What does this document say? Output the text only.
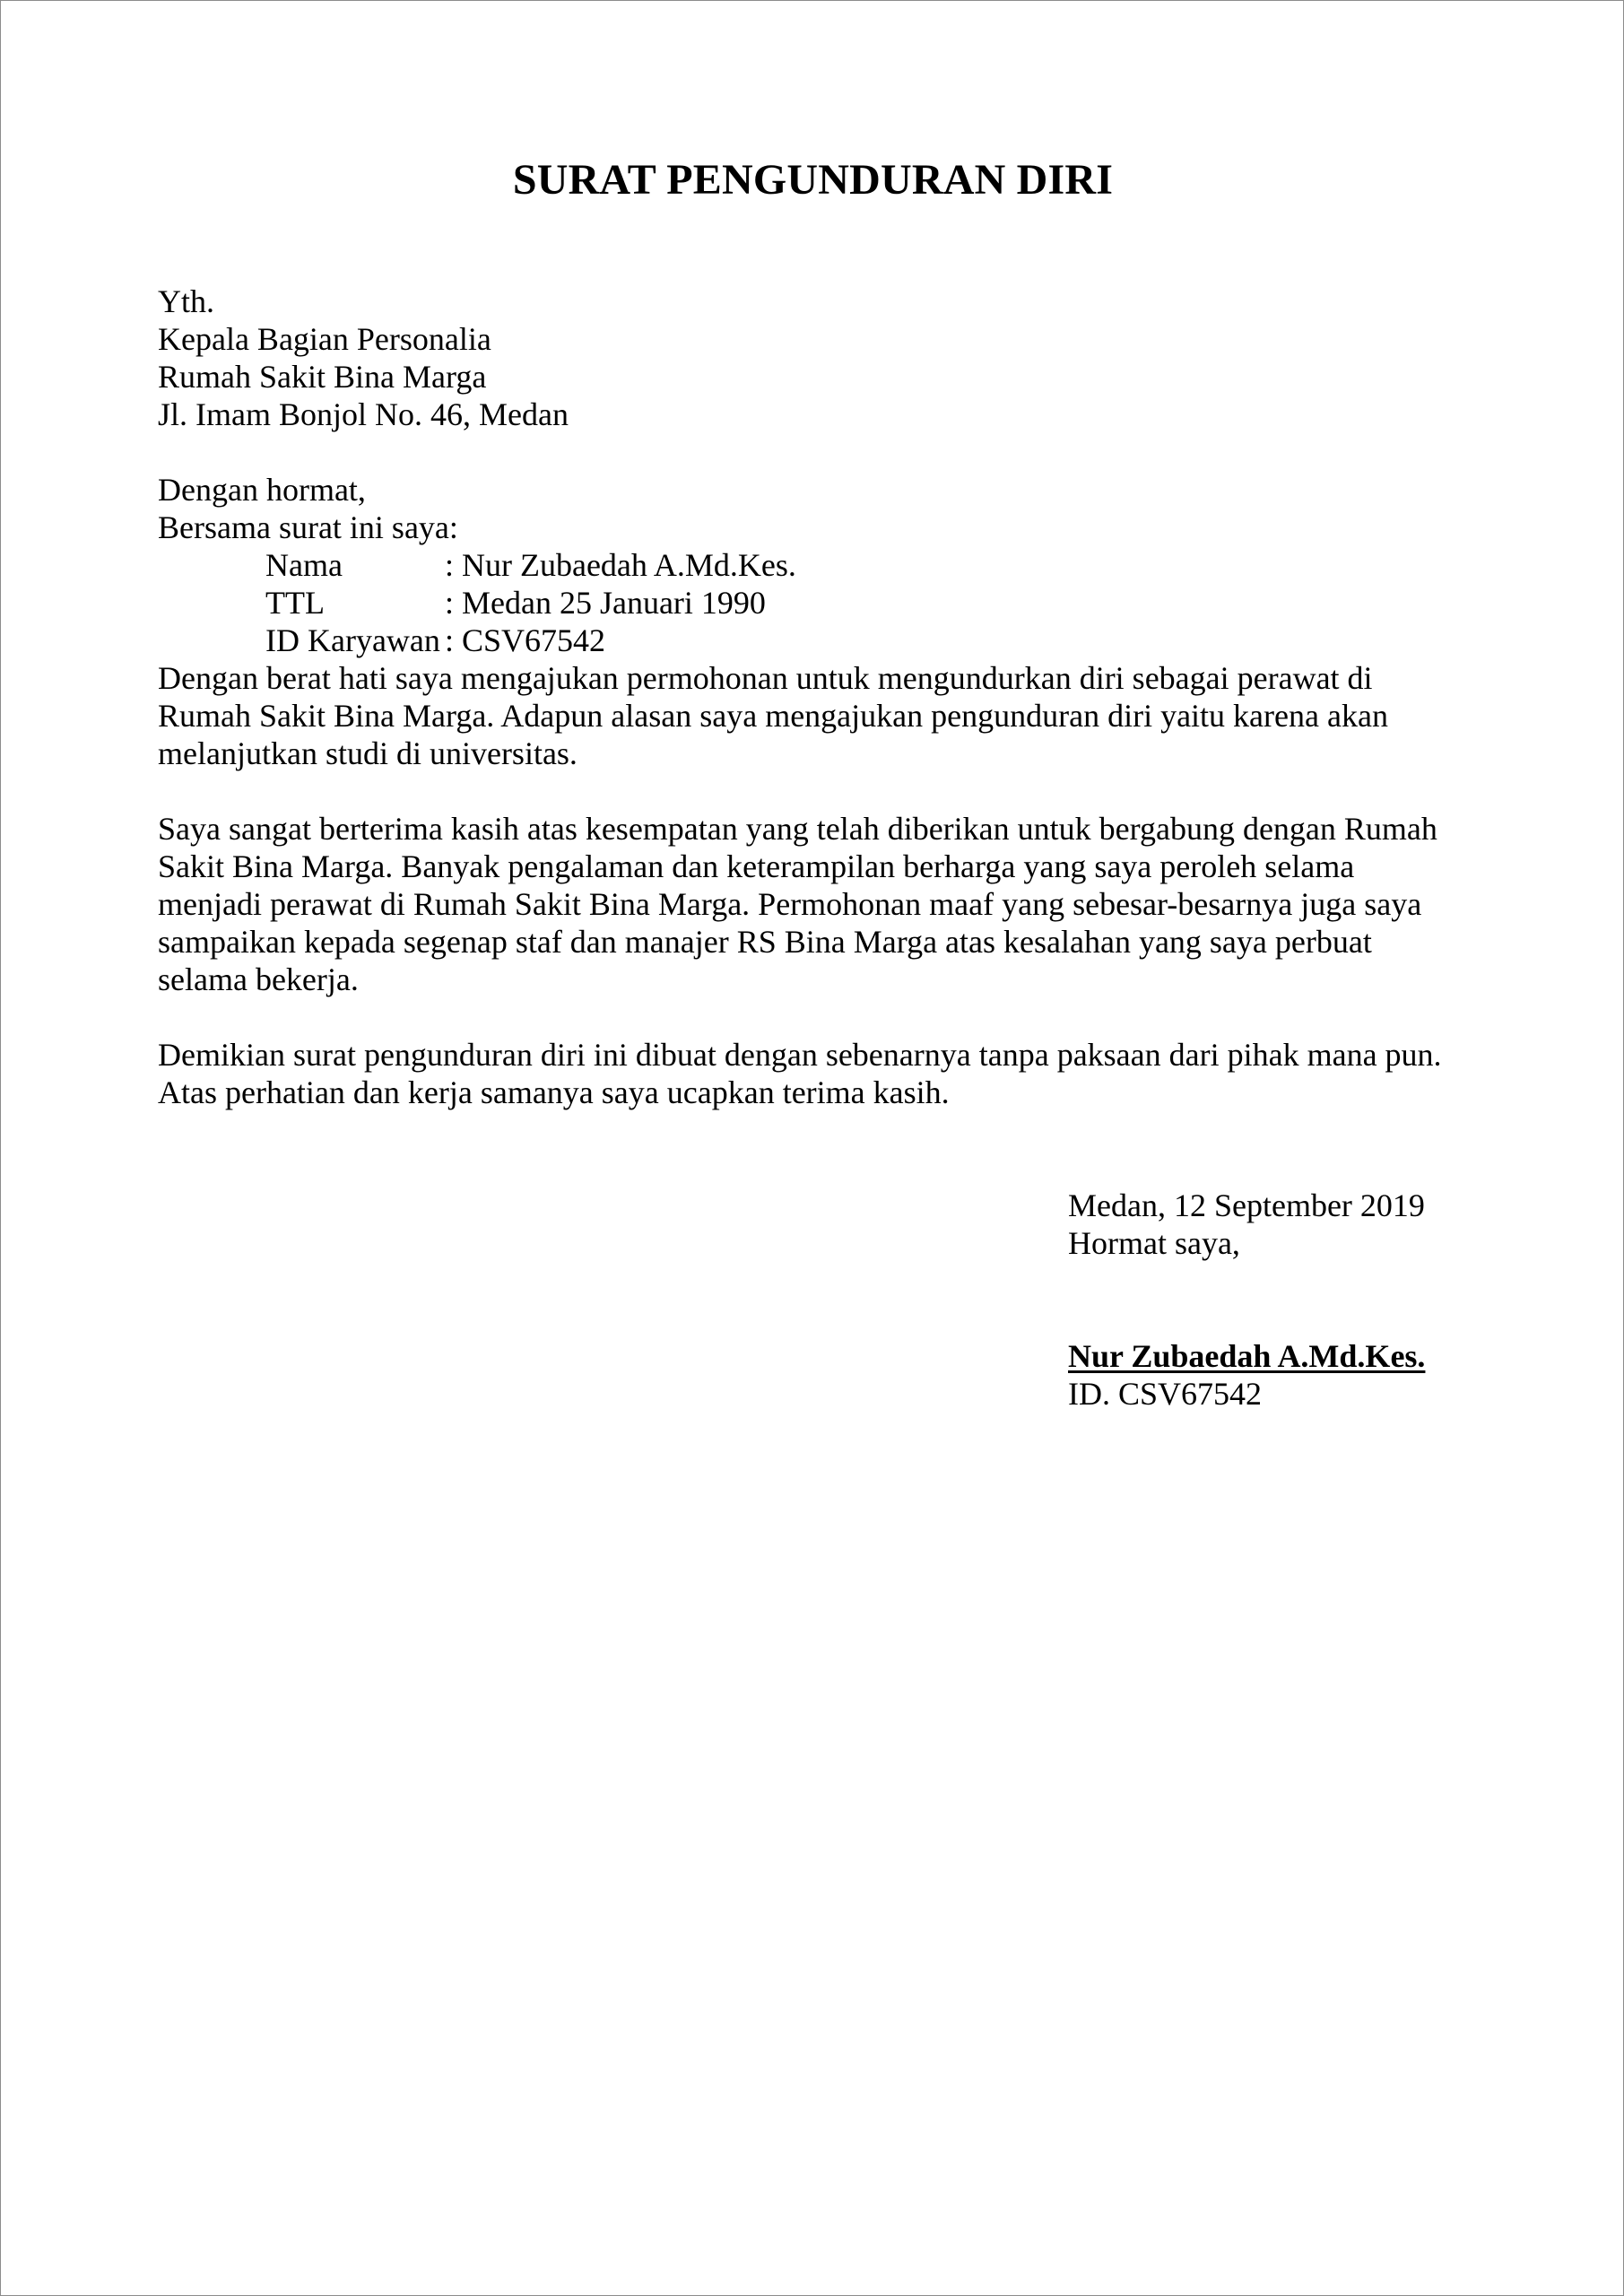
SURAT PENGUNDURAN DIRI

Yth.

Kepala Bagian Personalia

Rumah Sakit Bina Marga

Jl. Imam Bonjol No. 46, Medan

Dengan hormat,

Bersama surat ini saya:

Nama	: Nur Zubaedah A.Md.Kes.
TTL	: Medan 25 Januari 1990
ID Karyawan : CSV67542
Dengan berat hati saya mengajukan permohonan untuk mengundurkan diri sebagai perawat di
Rumah Sakit Bina Marga. Adapun alasan saya mengajukan pengunduran diri yaitu karena akan
melanjutkan studi di universitas.
Saya sangat berterima kasih atas kesempatan yang telah diberikan untuk bergabung dengan Rumah
Sakit Bina Marga. Banyak pengalaman dan keterampilan berharga yang saya peroleh selama
menjadi perawat di Rumah Sakit Bina Marga. Permohonan maaf yang sebesar-besarnya juga saya
sampaikan kepada segenap staf dan manajer RS Bina Marga atas kesalahan yang saya perbuat
selama bekerja.
Demikian surat pengunduran diri ini dibuat dengan sebenarnya tanpa paksaan dari pihak mana pun.
Atas perhatian dan kerja samanya saya ucapkan terima kasih.

Medan, 12 September 2019

Hormat saya,

Nur Zubaedah A.Md.Kes.

ID. CSV67542
